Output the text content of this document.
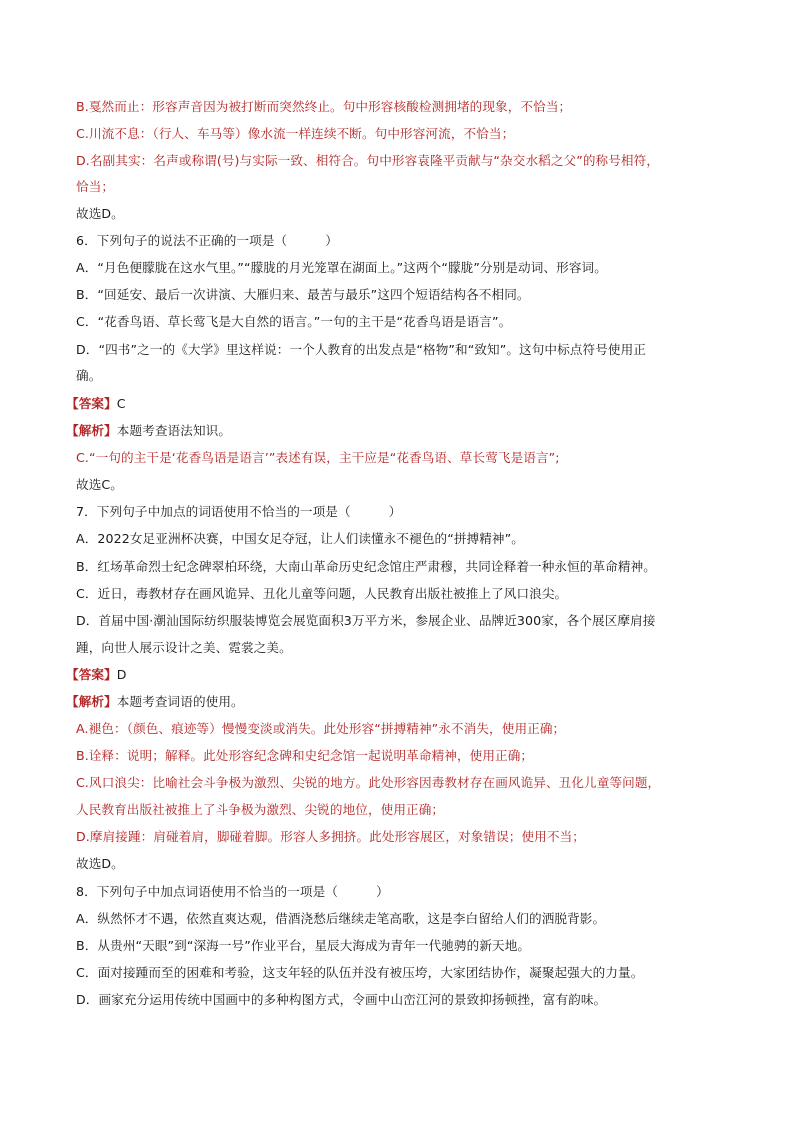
B.戛然而止：形容声音因为被打断而突然终止。句中形容核酸检测拥堵的现象，不恰当；
C.川流不息：（行人、车马等）像水流一样连续不断。句中形容河流，不恰当；
D.名副其实：名声或称谓(号)与实际一致、相符合。句中形容袁隆平贡献与“杂交水稻之父”的称号相符，
恰当；
故选D。
6．下列句子的说法不正确的一项是（　　　）
A．“月色便朦胧在这水气里。”“朦胧的月光笼罩在湖面上。”这两个“朦胧”分别是动词、形容词。
B．“回延安、最后一次讲演、大雁归来、最苦与最乐”这四个短语结构各不相同。
C．“花香鸟语、草长莺飞是大自然的语言。”一句的主干是“花香鸟语是语言”。
D．“四书”之一的《大学》里这样说：一个人教育的出发点是“格物”和“致知”。这句中标点符号使用正
确。
【答案】C
【解析】本题考查语法知识。
C.“一句的主干是‘花香鸟语是语言’”表述有误，主干应是“花香鸟语、草长莺飞是语言”;
故选C。
7．下列句子中加点的词语使用不恰当的一项是（　　　）
A．2022女足亚洲杯决赛，中国女足夺冠，让人们读懂永不褪色的“拼搏精神”。
B．红场革命烈士纪念碑翠柏环绕，大南山革命历史纪念馆庄严肃穆，共同诠释着一种永恒的革命精神。
C．近日，毒教材存在画风诡异、丑化儿童等问题，人民教育出版社被推上了风口浪尖。
D．首届中国·潮汕国际纺织服装博览会展览面积3万平方米，参展企业、品牌近300家，各个展区摩肩接
踵，向世人展示设计之美、霓裳之美。
【答案】D
【解析】本题考查词语的使用。
A.褪色：（颜色、痕迹等）慢慢变淡或消失。此处形容“拼搏精神”永不消失，使用正确；
B.诠释：说明；解释。此处形容纪念碑和史纪念馆一起说明革命精神，使用正确；
C.风口浪尖：比喻社会斗争极为激烈、尖锐的地方。此处形容因毒教材存在画风诡异、丑化儿童等问题，
人民教育出版社被推上了斗争极为激烈、尖锐的地位，使用正确；
D.摩肩接踵：肩碰着肩，脚碰着脚。形容人多拥挤。此处形容展区，对象错误；使用不当；
故选D。
8．下列句子中加点词语使用不恰当的一项是（　　　）
A．纵然怀才不遇，依然直爽达观，借酒浇愁后继续走笔高歌，这是李白留给人们的洒脱背影。
B．从贵州“天眼”到“深海一号”作业平台，星辰大海成为青年一代驰骋的新天地。
C．面对接踵而至的困难和考验，这支年轻的队伍并没有被压垮，大家团结协作，凝聚起强大的力量。
D．画家充分运用传统中国画中的多种构图方式，令画中山峦江河的景致抑扬顿挫，富有韵味。
